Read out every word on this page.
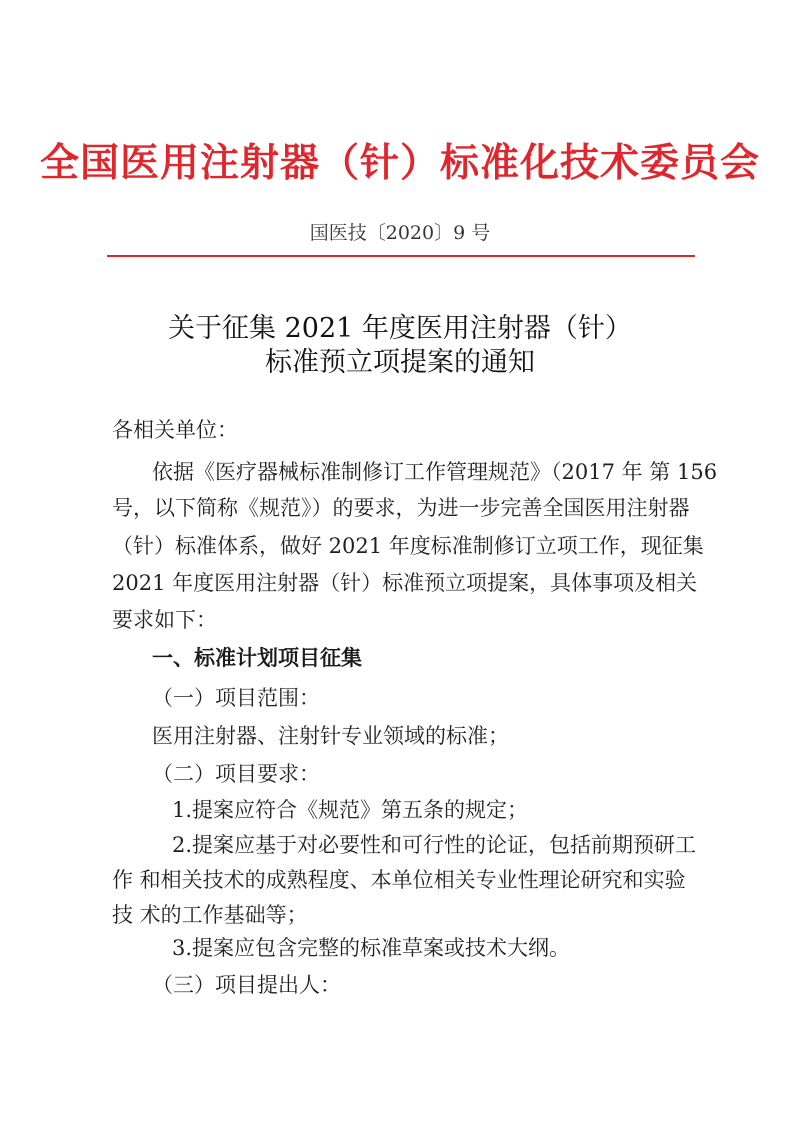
全国医用注射器（针）标准化技术委员会
国医技〔2020〕9 号
关于征集 2021 年度医用注射器（针）
标准预立项提案的通知
各相关单位：
依据《医疗器械标准制修订工作管理规范》（2017 年 第 156
号，以下简称《规范》）的要求，为进一步完善全国医用注射器
（针）标准体系，做好 2021 年度标准制修订立项工作，现征集
2021 年度医用注射器（针）标准预立项提案，具体事项及相关
要求如下：
一、标准计划项目征集
（一）项目范围：
医用注射器、注射针专业领域的标准；
（二）项目要求：
1.提案应符合《规范》第五条的规定；
2.提案应基于对必要性和可行性的论证，包括前期预研工
作 和相关技术的成熟程度、本单位相关专业性理论研究和实验
技 术的工作基础等；
3.提案应包含完整的标准草案或技术大纲。
（三）项目提出人：
